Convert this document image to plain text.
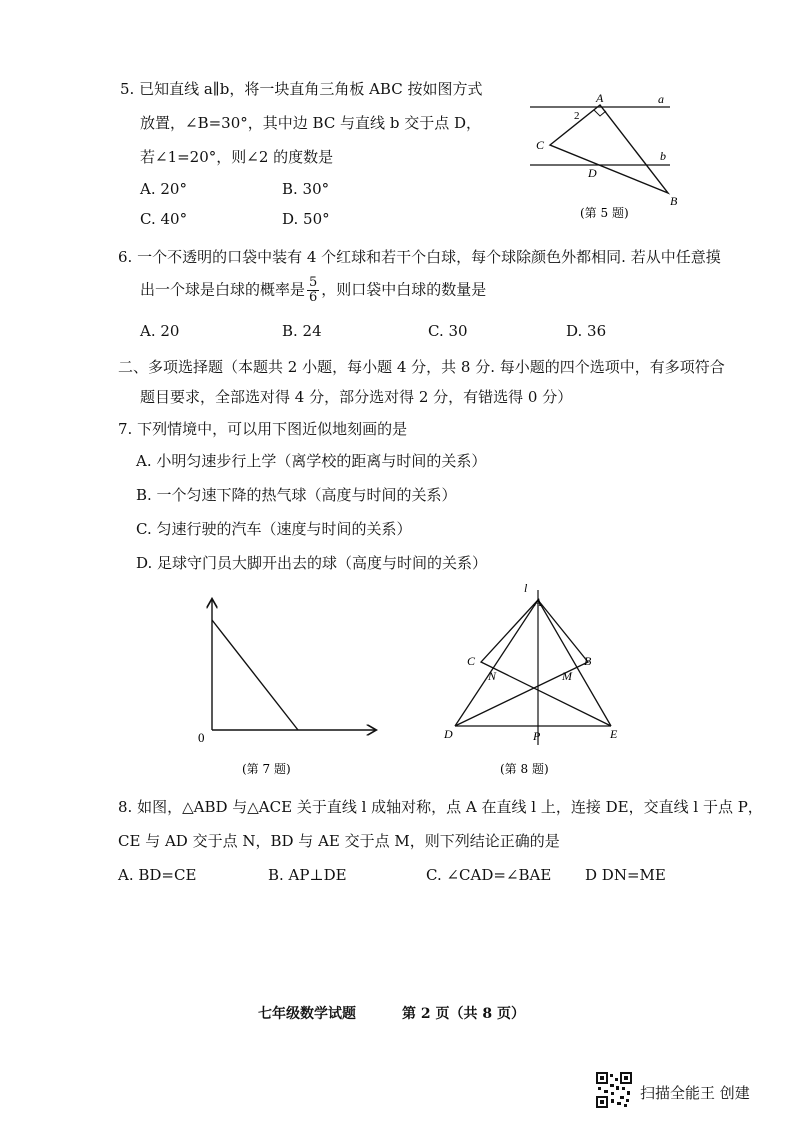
5. 已知直线 a∥b，将一块直角三角板 ABC 按如图方式
放置，∠B=30°，其中边 BC 与直线 b 交于点 D，
若∠1=20°，则∠2 的度数是
A. 20°	B. 30°
C. 40°	D. 50°
A	a
2
C
b
D
B
(第 5 题)
6. 一个不透明的口袋中装有 4 个红球和若干个白球，每个球除颜色外都相同. 若从中任意摸
出一个球是白球的概率是 $\frac{5}{6}$ ，则口袋中白球的数量是
A. 20	B. 24	C. 30	D. 36
二、多项选择题（本题共 2 小题，每小题 4 分，共 8 分. 每小题的四个选项中，有多项符合
题目要求，全部选对得 4 分，部分选对得 2 分，有错选得 0 分）
7. 下列情境中，可以用下图近似地刻画的是
A. 小明匀速步行上学（离学校的距离与时间的关系）
B. 一个匀速下降的热气球（高度与时间的关系）
C. 匀速行驶的汽车（速度与时间的关系）
D. 足球守门员大脚开出去的球（高度与时间的关系）
0
(第 7 题)
l
A
C	B
N	M
D	P	E
(第 8 题)
8. 如图，△ABD 与△ACE 关于直线 l 成轴对称，点 A 在直线 l 上，连接 DE，交直线 l 于点 P，
CE 与 AD 交于点 N，BD 与 AE 交于点 M，则下列结论正确的是
A. BD=CE	B. AP⊥DE	C. ∠CAD=∠BAE D DN=ME
七年级数学试题	第 2 页（共 8 页）
扫描全能王 创建
